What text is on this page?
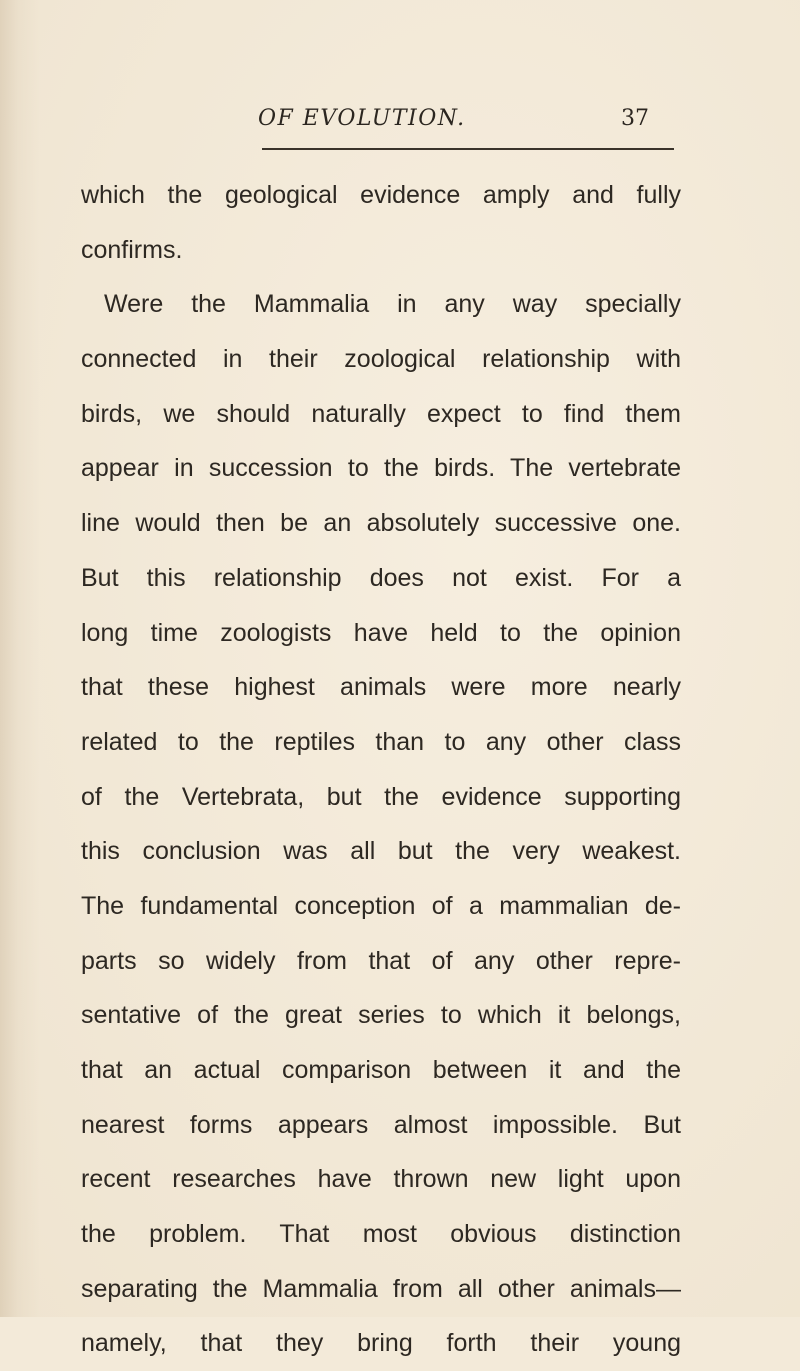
OF EVOLUTION.	37
which the geological evidence amply and fully
confirms.
Were the Mammalia in any way specially
connected in their zoological relationship with
birds, we should naturally expect to find them
appear in succession to the birds. The vertebrate
line would then be an absolutely successive one.
But this relationship does not exist. For a
long time zoologists have held to the opinion
that these highest animals were more nearly
related to the reptiles than to any other class
of the Vertebrata, but the evidence supporting
this conclusion was all but the very weakest.
The fundamental conception of a mammalian de-
parts so widely from that of any other repre-
sentative of the great series to which it belongs,
that an actual comparison between it and the
nearest forms appears almost impossible. But
recent researches have thrown new light upon
the problem. That most obvious distinction
separating the Mammalia from all other animals—
namely, that they bring forth their young
